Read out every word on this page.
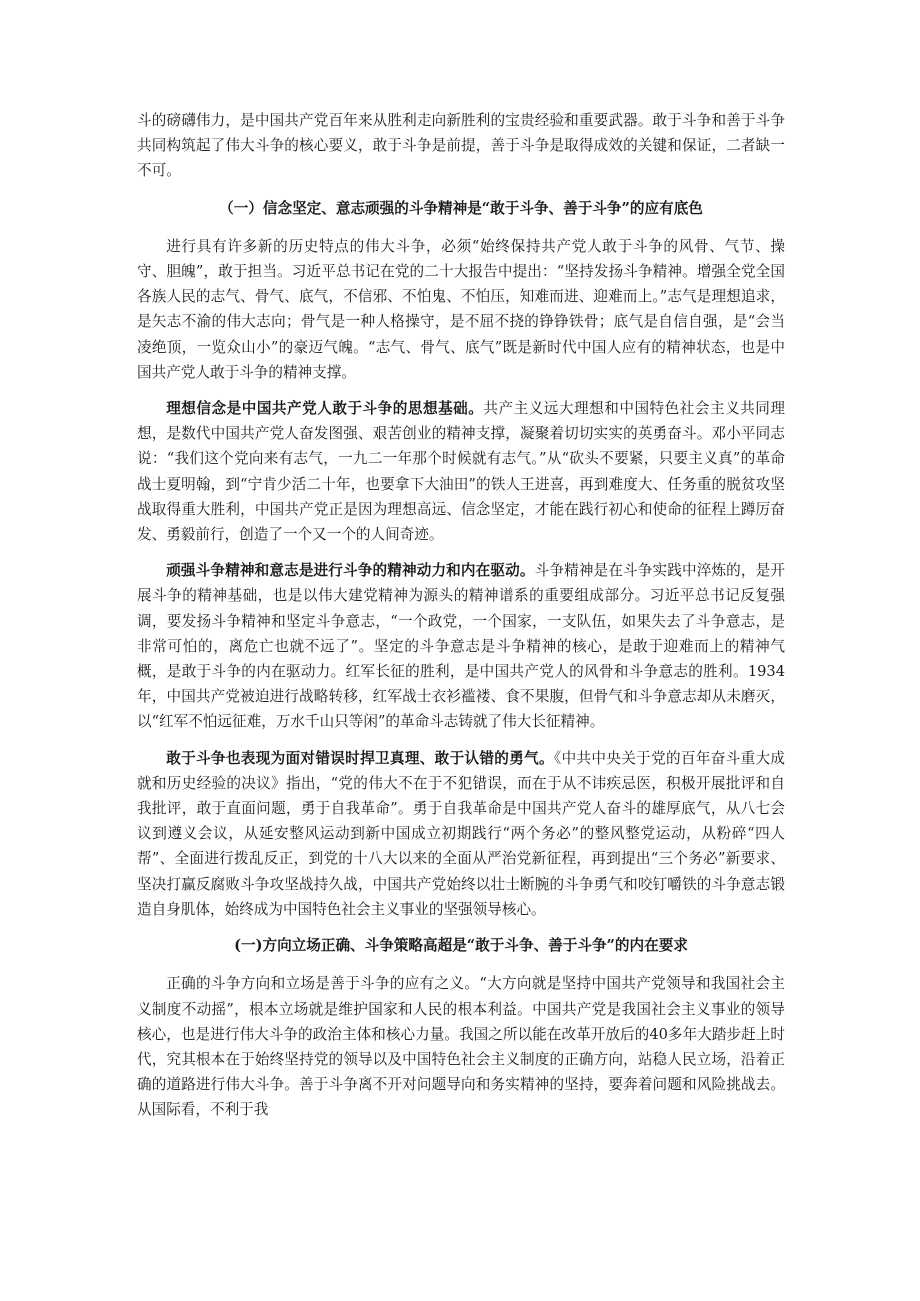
斗的磅礴伟力，是中国共产党百年来从胜利走向新胜利的宝贵经验和重要武器。敢于斗争和善于斗争共同构筑起了伟大斗争的核心要义，敢于斗争是前提，善于斗争是取得成效的关键和保证，二者缺一不可。

（一）信念坚定、意志顽强的斗争精神是“敢于斗争、善于斗争”的应有底色

进行具有许多新的历史特点的伟大斗争，必须“始终保持共产党人敢于斗争的风骨、气节、操守、胆魄”，敢于担当。习近平总书记在党的二十大报告中提出：“坚持发扬斗争精神。增强全党全国各族人民的志气、骨气、底气，不信邪、不怕鬼、不怕压，知难而进、迎难而上。”志气是理想追求，是矢志不渝的伟大志向；骨气是一种人格操守，是不屈不挠的铮铮铁骨；底气是自信自强，是“会当凌绝顶，一览众山小”的豪迈气魄。“志气、骨气、底气”既是新时代中国人应有的精神状态，也是中国共产党人敢于斗争的精神支撑。

理想信念是中国共产党人敢于斗争的思想基础。共产主义远大理想和中国特色社会主义共同理想，是数代中国共产党人奋发图强、艰苦创业的精神支撑，凝聚着切切实实的英勇奋斗。邓小平同志说：“我们这个党向来有志气，一九二一年那个时候就有志气。”从“砍头不要紧，只要主义真”的革命战士夏明翰，到“宁肯少活二十年，也要拿下大油田”的铁人王进喜，再到难度大、任务重的脱贫攻坚战取得重大胜利，中国共产党正是因为理想高远、信念坚定，才能在践行初心和使命的征程上蹲厉奋发、勇毅前行，创造了一个又一个的人间奇迹。

顽强斗争精神和意志是进行斗争的精神动力和内在驱动。斗争精神是在斗争实践中淬炼的，是开展斗争的精神基础，也是以伟大建党精神为源头的精神谱系的重要组成部分。习近平总书记反复强调，要发扬斗争精神和坚定斗争意志，“一个政党，一个国家，一支队伍，如果失去了斗争意志，是非常可怕的，离危亡也就不远了”。坚定的斗争意志是斗争精神的核心，是敢于迎难而上的精神气概，是敢于斗争的内在驱动力。红军长征的胜利，是中国共产党人的风骨和斗争意志的胜利。1934年，中国共产党被迫进行战略转移，红军战士衣衫褴褛、食不果腹，但骨气和斗争意志却从未磨灭，以“红军不怕远征难，万水千山只等闲”的革命斗志铸就了伟大长征精神。

敢于斗争也表现为面对错误时捍卫真理、敢于认错的勇气。《中共中央关于党的百年奋斗重大成就和历史经验的决议》指出，“党的伟大不在于不犯错误，而在于从不讳疾忌医，积极开展批评和自我批评，敢于直面问题，勇于自我革命”。勇于自我革命是中国共产党人奋斗的雄厚底气，从八七会议到遵义会议，从延安整风运动到新中国成立初期践行“两个务必”的整风整党运动，从粉碎“四人帮”、全面进行拨乱反正，到党的十八大以来的全面从严治党新征程，再到提出“三个务必”新要求、坚决打赢反腐败斗争攻坚战持久战，中国共产党始终以壮士断腕的斗争勇气和咬钉嚼铁的斗争意志锻造自身肌体，始终成为中国特色社会主义事业的坚强领导核心。

(一)方向立场正确、斗争策略高超是“敢于斗争、善于斗争”的内在要求

正确的斗争方向和立场是善于斗争的应有之义。“大方向就是坚持中国共产党领导和我国社会主义制度不动摇”，根本立场就是维护国家和人民的根本利益。中国共产党是我国社会主义事业的领导核心，也是进行伟大斗争的政治主体和核心力量。我国之所以能在改革开放后的40多年大踏步赶上时代，究其根本在于始终坚持党的领导以及中国特色社会主义制度的正确方向，站稳人民立场，沿着正确的道路进行伟大斗争。善于斗争离不开对问题导向和务实精神的坚持，要奔着问题和风险挑战去。从国际看，不利于我
